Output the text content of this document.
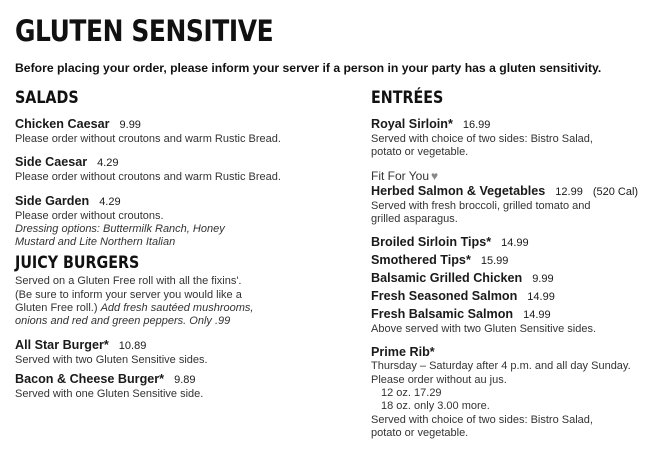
GLUTEN SENSITIVE
Before placing your order, please inform your server if a person in your party has a gluten sensitivity.
SALADS
Chicken Caesar 9.99
Please order without croutons and warm Rustic Bread.
Side Caesar 4.29
Please order without croutons and warm Rustic Bread.
Side Garden 4.29
Please order without croutons.
Dressing options: Buttermilk Ranch, Honey
Mustard and Lite Northern Italian
JUICY BURGERS
Served on a Gluten Free roll with all the fixins'.
(Be sure to inform your server you would like a
Gluten Free roll.) Add fresh sautéed mushrooms,
onions and red and green peppers. Only .99
All Star Burger* 10.89
Served with two Gluten Sensitive sides.
Bacon & Cheese Burger* 9.89
Served with one Gluten Sensitive side.
ENTRÉES
Royal Sirloin* 16.99
Served with choice of two sides: Bistro Salad,
potato or vegetable.
Fit For You ♥
Herbed Salmon & Vegetables 12.99 (520 Cal)
Served with fresh broccoli, grilled tomato and
grilled asparagus.
Broiled Sirloin Tips* 14.99
Smothered Tips* 15.99
Balsamic Grilled Chicken 9.99
Fresh Seasoned Salmon 14.99
Fresh Balsamic Salmon 14.99
Above served with two Gluten Sensitive sides.
Prime Rib*
Thursday – Saturday after 4 p.m. and all day Sunday.
Please order without au jus.
12 oz. 17.29
18 oz. only 3.00 more.
Served with choice of two sides: Bistro Salad,
potato or vegetable.
